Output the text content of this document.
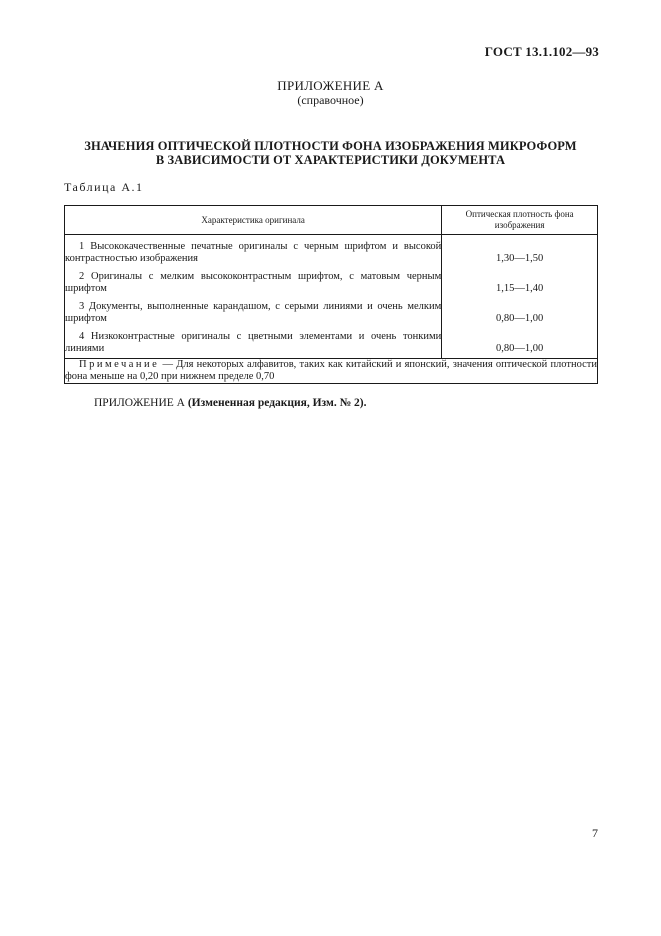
ГОСТ 13.1.102—93
ПРИЛОЖЕНИЕ А
(справочное)
ЗНАЧЕНИЯ ОПТИЧЕСКОЙ ПЛОТНОСТИ ФОНА ИЗОБРАЖЕНИЯ МИКРОФОРМ
В ЗАВИСИМОСТИ ОТ ХАРАКТЕРИСТИКИ ДОКУМЕНТА
Таблица А.1
Характеристика оригинала	Оптическая плотность фона
изображения
1 Высококачественные печатные оригиналы с черным шрифтом и высокой контрастностью изображения	1,30—1,50
2 Оригиналы с мелким высококонтрастным шрифтом, с матовым черным шрифтом	1,15—1,40
3 Документы, выполненные карандашом, с серыми линиями и очень мелким шрифтом	0,80—1,00
4 Низкоконтрастные оригиналы с цветными элементами и очень тонкими линиями	0,80—1,00
Примечание — Для некоторых алфавитов, таких как китайский и японский, значения оптической плотности фона меньше на 0,20 при нижнем пределе 0,70	
ПРИЛОЖЕНИЕ А (Измененная редакция, Изм. № 2).
7
